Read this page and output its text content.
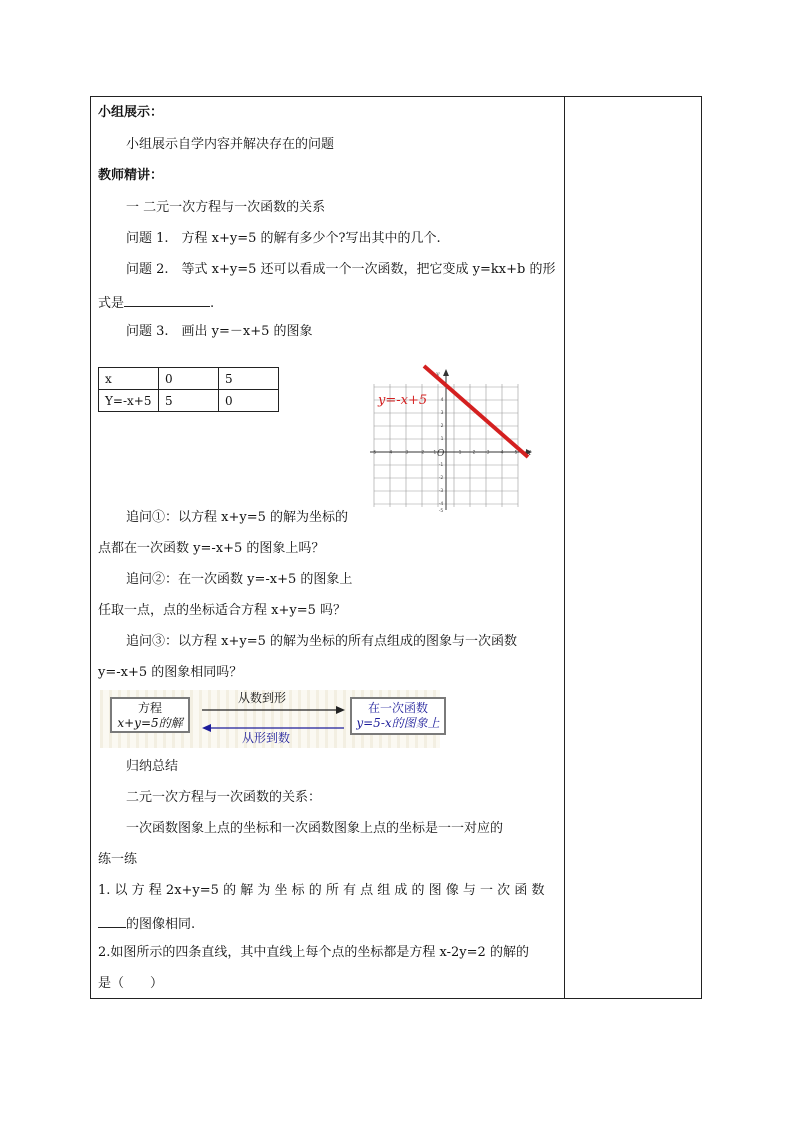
小组展示：
小组展示自学内容并解决存在的问题
教师精讲：
一 二元一次方程与一次函数的关系
问题 1.　方程 x+y=5 的解有多少个?写出其中的几个.
问题 2.　等式 x+y=5 还可以看成一个一次函数，把它变成 y=kx+b 的形
式是	.
问题 3.　画出 y=－x+5 的图象
x	0	5
Y=-x+5	5	0
-5	-4	-3	-2 -1	1 2 3 4 5
4
3
2
1
-1
-2
-3
-4
-5
O	x
y
y=-x+5
追问①：以方程 x+y=5 的解为坐标的
点都在一次函数 y=-x+5 的图象上吗？
追问②：在一次函数 y=-x+5 的图象上
任取一点，点的坐标适合方程 x+y=5 吗？
追问③：以方程 x+y=5 的解为坐标的所有点组成的图象与一次函数
y=-x+5 的图象相同吗？
方程
x+y=5的解
在一次函数
y=5-x的图象上
从数到形
从形到数
归纳总结
二元一次方程与一次函数的关系：
一次函数图象上点的坐标和一次函数图象上点的坐标是一一对应的
练一练
1. 以 方 程 2x+y=5 的 解 为 坐 标 的 所 有 点 组 成 的 图 像 与 一 次 函 数
的图像相同.
2.如图所示的四条直线，其中直线上每个点的坐标都是方程 x-2y=2 的解的
是（　　）
